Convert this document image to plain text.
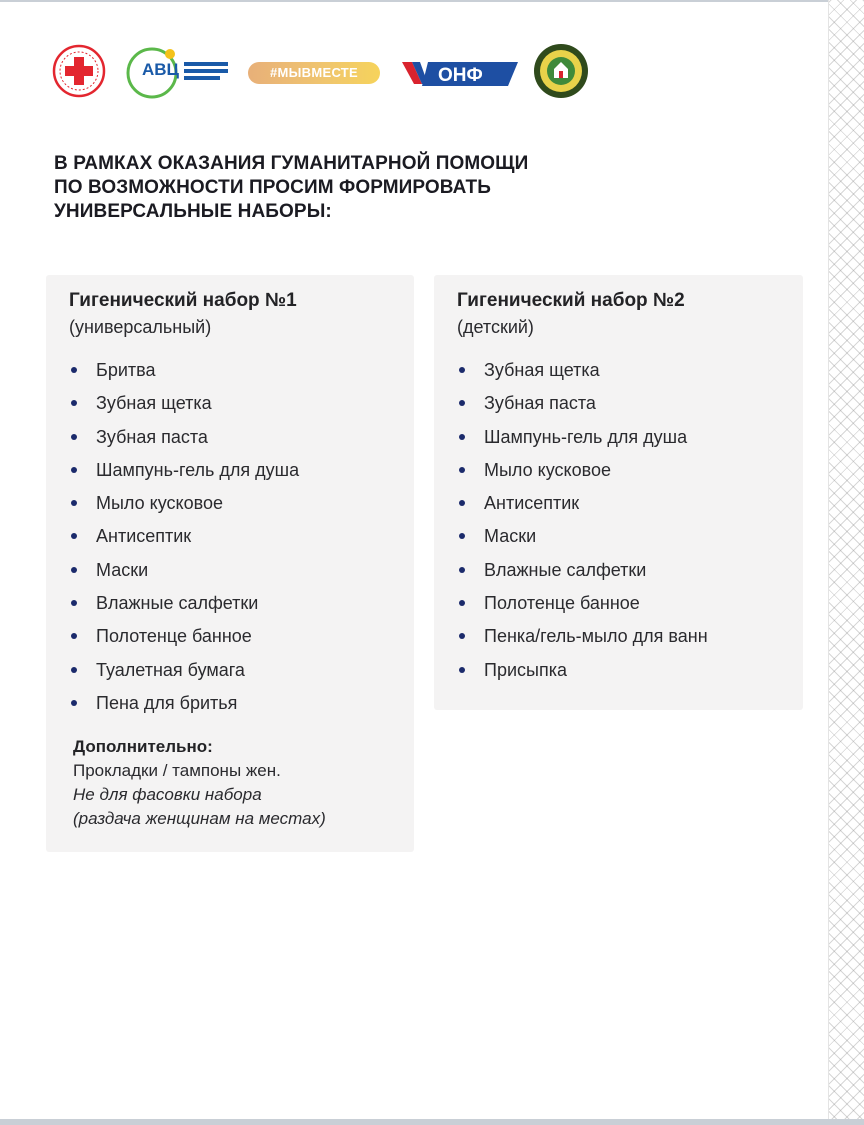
АВЦ	#МЫВМЕСТЕ	ОНФ
В РАМКАХ ОКАЗАНИЯ ГУМАНИТАРНОЙ ПОМОЩИ
ПО ВОЗМОЖНОСТИ ПРОСИМ ФОРМИРОВАТЬ
УНИВЕРСАЛЬНЫЕ НАБОРЫ:
Гигенический набор №1
(универсальный)
Бритва
Зубная щетка
Зубная паста
Шампунь-гель для душа
Мыло кусковое
Антисептик
Маски
Влажные салфетки
Полотенце банное
Туалетная бумага
Пена для бритья
Дополнительно:
Прокладки / тампоны жен.
Не для фасовки набора
(раздача женщинам на местах)
Гигенический набор №2
(детский)
Зубная щетка
Зубная паста
Шампунь-гель для душа
Мыло кусковое
Антисептик
Маски
Влажные салфетки
Полотенце банное
Пенка/гель-мыло для ванн
Присыпка
